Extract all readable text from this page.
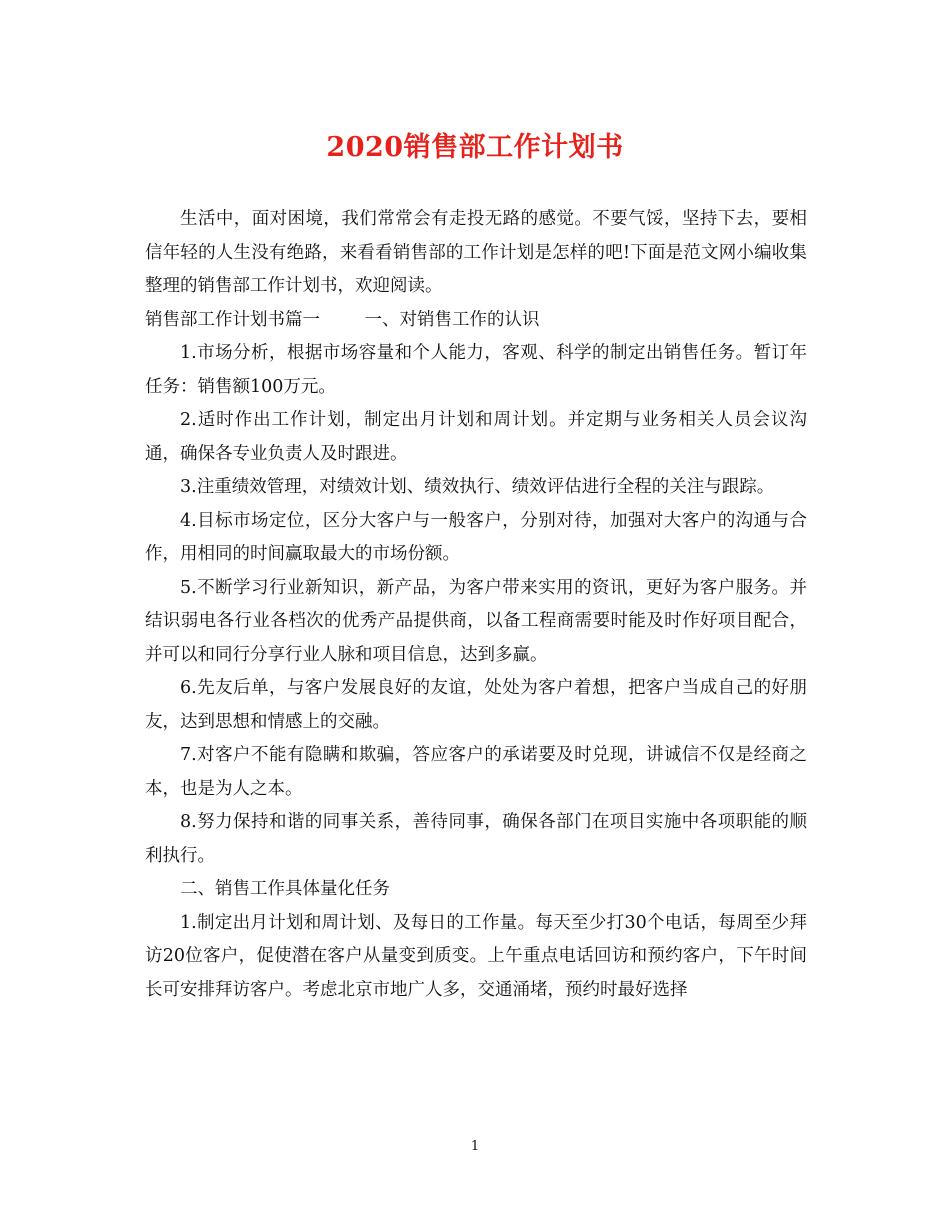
2020销售部工作计划书

生活中，面对困境，我们常常会有走投无路的感觉。不要气馁，坚持下去，要相信年轻的人生没有绝路，来看看销售部的工作计划是怎样的吧!下面是范文网小编收集整理的销售部工作计划书，欢迎阅读。

销售部工作计划书篇一        一、对销售工作的认识

1.市场分析，根据市场容量和个人能力，客观、科学的制定出销售任务。暂订年任务：销售额100万元。

2.适时作出工作计划，制定出月计划和周计划。并定期与业务相关人员会议沟通，确保各专业负责人及时跟进。

3.注重绩效管理，对绩效计划、绩效执行、绩效评估进行全程的关注与跟踪。

4.目标市场定位，区分大客户与一般客户，分别对待，加强对大客户的沟通与合作，用相同的时间赢取最大的市场份额。

5.不断学习行业新知识，新产品，为客户带来实用的资讯，更好为客户服务。并结识弱电各行业各档次的优秀产品提供商，以备工程商需要时能及时作好项目配合，并可以和同行分享行业人脉和项目信息，达到多赢。

6.先友后单，与客户发展良好的友谊，处处为客户着想，把客户当成自己的好朋友，达到思想和情感上的交融。

7.对客户不能有隐瞒和欺骗，答应客户的承诺要及时兑现，讲诚信不仅是经商之本，也是为人之本。

8.努力保持和谐的同事关系，善待同事，确保各部门在项目实施中各项职能的顺利执行。

二、销售工作具体量化任务

1.制定出月计划和周计划、及每日的工作量。每天至少打30个电话，每周至少拜访20位客户，促使潜在客户从量变到质变。上午重点电话回访和预约客户，下午时间长可安排拜访客户。考虑北京市地广人多，交通涌堵，预约时最好选择

1
